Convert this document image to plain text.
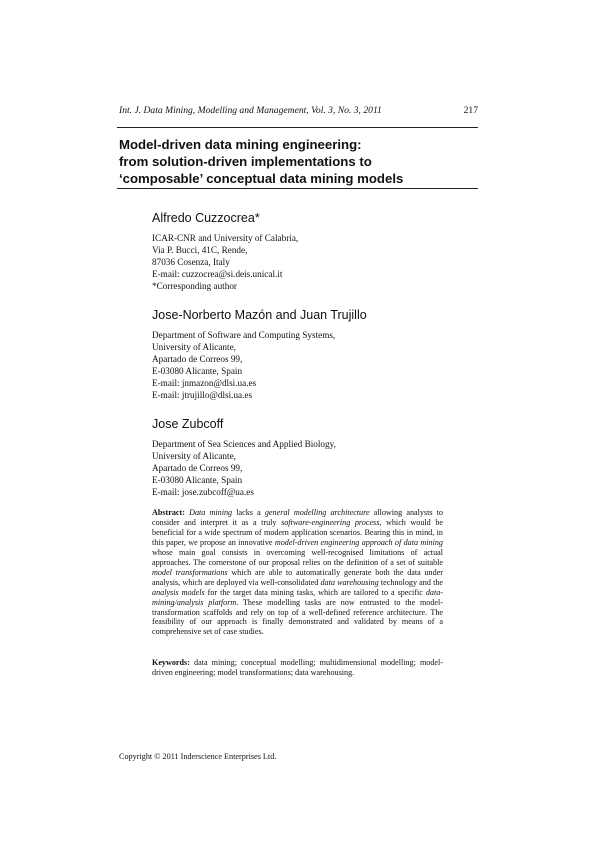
Int. J. Data Mining, Modelling and Management, Vol. 3, No. 3, 2011	217
Model-driven data mining engineering:
from solution-driven implementations to
‘composable’ conceptual data mining models
Alfredo Cuzzocrea*
ICAR-CNR and University of Calabria,
Via P. Bucci, 41C, Rende,
87036 Cosenza, Italy
E-mail: cuzzocrea@si.deis.unical.it
*Corresponding author
Jose-Norberto Mazón and Juan Trujillo
Department of Software and Computing Systems,
University of Alicante,
Apartado de Correos 99,
E-03080 Alicante, Spain
E-mail: jnmazon@dlsi.ua.es
E-mail: jtrujillo@dlsi.ua.es
Jose Zubcoff
Department of Sea Sciences and Applied Biology,
University of Alicante,
Apartado de Correos 99,
E-03080 Alicante, Spain
E-mail: jose.zubcoff@ua.es

Abstract: Data mining lacks a general modelling architecture allowing analysts to consider and interpret it as a truly software-engineering process, which would be beneficial for a wide spectrum of modern application scenarios. Bearing this in mind, in this paper, we propose an innovative model-driven engineering approach of data mining whose main goal consists in overcoming well-recognised limitations of actual approaches. The cornerstone of our proposal relies on the definition of a set of suitable model transformations which are able to automatically generate both the data under analysis, which are deployed via well-consolidated data warehousing technology and the analysis models for the target data mining tasks, which are tailored to a specific data-mining/analysis platform. These modelling tasks are now entrusted to the model-transformation scaffolds and rely on top of a well-defined reference architecture. The feasibility of our approach is finally demonstrated and validated by means of a comprehensive set of case studies.

Keywords: data mining; conceptual modelling; multidimensional modelling; model-driven engineering; model transformations; data warehousing.

Copyright © 2011 Inderscience Enterprises Ltd.
